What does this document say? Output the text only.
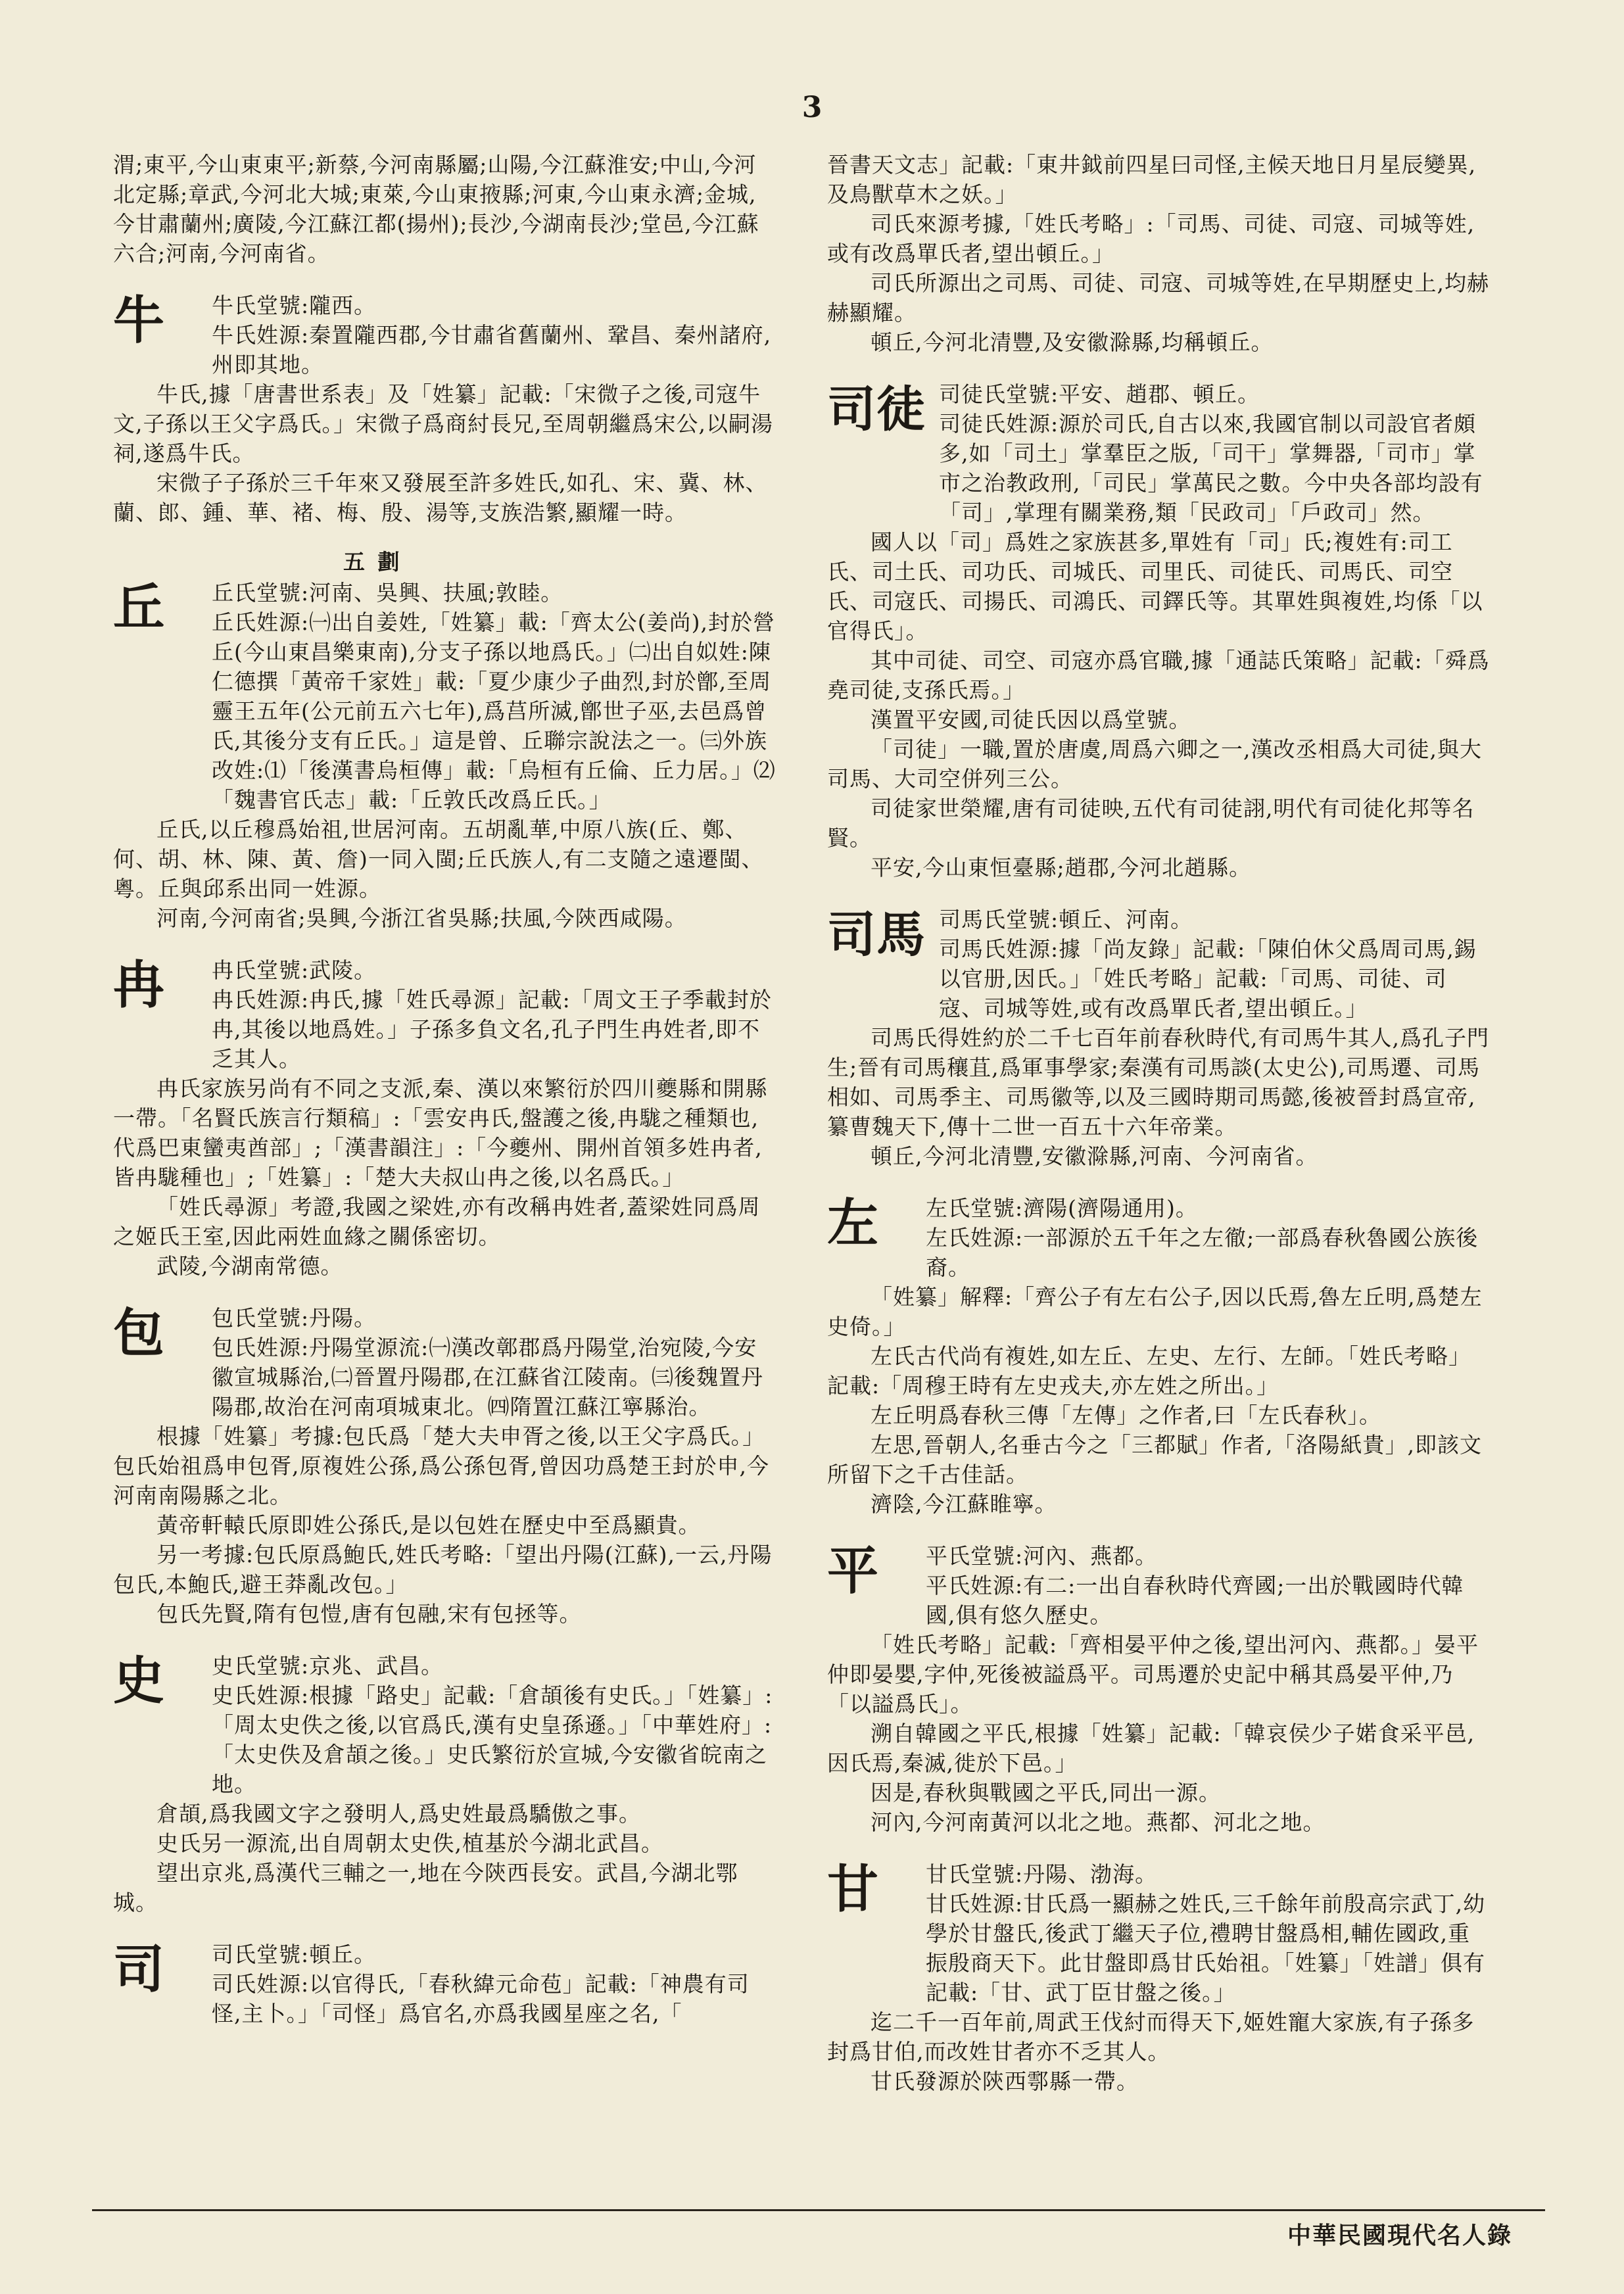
3

渭;東平,今山東東平;新蔡,今河南縣屬;山陽,今江蘇淮安;中山,今河北定縣;章武,今河北大城;東萊,今山東掖縣;河東,今山東永濟;金城,今甘肅蘭州;廣陵,今江蘇江都(揚州);長沙,今湖南長沙;堂邑,今江蘇六合;河南,今河南省。

牛	牛氏堂號:隴西。

牛氏姓源:秦置隴西郡,今甘肅省舊蘭州、鞏昌、秦州諸府,州即其地。

牛氏,據「唐書世系表」及「姓纂」記載:「宋微子之後,司寇牛文,子孫以王父字爲氏。」宋微子爲商紂長兄,至周朝繼爲宋公,以嗣湯祠,遂爲牛氏。

宋微子子孫於三千年來又發展至許多姓氏,如孔、宋、冀、林、蘭、郎、鍾、華、褚、梅、殷、湯等,支族浩繁,顯耀一時。

五 劃

丘	丘氏堂號:河南、吳興、扶風;敦睦。

丘氏姓源:㈠出自姜姓,「姓纂」載:「齊太公(姜尚),封於營丘(今山東昌樂東南),分支子孫以地爲氏。」㈡出自姒姓:陳仁德撰「黃帝千家姓」載:「夏少康少子曲烈,封於鄫,至周靈王五年(公元前五六七年),爲莒所滅,鄫世子巫,去邑爲曾氏,其後分支有丘氏。」這是曾、丘聯宗說法之一。㈢外族改姓:⑴「後漢書烏桓傳」載:「烏桓有丘倫、丘力居。」⑵「魏書官氏志」載:「丘敦氏改爲丘氏。」

丘氏,以丘穆爲始祖,世居河南。五胡亂華,中原八族(丘、鄭、何、胡、林、陳、黃、詹)一同入閩;丘氏族人,有二支隨之遠遷閩、粵。丘與邱系出同一姓源。

河南,今河南省;吳興,今浙江省吳縣;扶風,今陝西咸陽。

冉	冉氏堂號:武陵。

冉氏姓源:冉氏,據「姓氏尋源」記載:「周文王子季載封於冉,其後以地爲姓。」子孫多負文名,孔子門生冉姓者,即不乏其人。

冉氏家族另尚有不同之支派,秦、漢以來繁衍於四川夔縣和開縣一帶。「名賢氏族言行類稿」:「雲安冉氏,盤護之後,冉駹之種類也,代爲巴東蠻夷酋部」;「漢書韻注」:「今夔州、開州首領多姓冉者,皆冉駹種也」;「姓纂」:「楚大夫叔山冉之後,以名爲氏。」

「姓氏尋源」考證,我國之梁姓,亦有改稱冉姓者,蓋梁姓同爲周之姬氏王室,因此兩姓血緣之關係密切。

武陵,今湖南常德。

包	包氏堂號:丹陽。

包氏姓源:丹陽堂源流:㈠漢改鄣郡爲丹陽堂,治宛陵,今安徽宣城縣治,㈡晉置丹陽郡,在江蘇省江陵南。㈢後魏置丹陽郡,故治在河南項城東北。㈣隋置江蘇江寧縣治。

根據「姓纂」考據:包氏爲「楚大夫申胥之後,以王父字爲氏。」包氏始祖爲申包胥,原複姓公孫,爲公孫包胥,曾因功爲楚王封於申,今河南南陽縣之北。

黃帝軒轅氏原即姓公孫氏,是以包姓在歷史中至爲顯貴。

另一考據:包氏原爲鮑氏,姓氏考略:「望出丹陽(江蘇),一云,丹陽包氏,本鮑氏,避王莽亂改包。」

包氏先賢,隋有包愷,唐有包融,宋有包拯等。

史	史氏堂號:京兆、武昌。

史氏姓源:根據「路史」記載:「倉頡後有史氏。」「姓纂」:「周太史佚之後,以官爲氏,漢有史皇孫遜。」「中華姓府」:「太史佚及倉頡之後。」史氏繁衍於宣城,今安徽省皖南之地。

倉頡,爲我國文字之發明人,爲史姓最爲驕傲之事。

史氏另一源流,出自周朝太史佚,植基於今湖北武昌。

望出京兆,爲漢代三輔之一,地在今陝西長安。武昌,今湖北鄂城。

司	司氏堂號:頓丘。

司氏姓源:以官得氏,「春秋緯元命苞」記載:「神農有司怪,主卜。」「司怪」爲官名,亦爲我國星座之名,「

晉書天文志」記載:「東井鉞前四星曰司怪,主候天地日月星辰變異,及鳥獸草木之妖。」

司氏來源考據,「姓氏考略」:「司馬、司徒、司寇、司城等姓,或有改爲單氏者,望出頓丘。」

司氏所源出之司馬、司徒、司寇、司城等姓,在早期歷史上,均赫赫顯耀。

頓丘,今河北清豐,及安徽滁縣,均稱頓丘。

司徒 司徒氏堂號:平安、趙郡、頓丘。

司徒氏姓源:源於司氏,自古以來,我國官制以司設官者頗多,如「司土」掌羣臣之版,「司干」掌舞器,「司市」掌市之治教政刑,「司民」掌萬民之數。今中央各部均設有「司」,掌理有關業務,類「民政司」「戶政司」然。

國人以「司」爲姓之家族甚多,單姓有「司」氏;複姓有:司工氏、司土氏、司功氏、司城氏、司里氏、司徒氏、司馬氏、司空氏、司寇氏、司揚氏、司鴻氏、司鐸氏等。其單姓與複姓,均係「以官得氏」。

其中司徒、司空、司寇亦爲官職,據「通誌氏策略」記載:「舜爲堯司徒,支孫氏焉。」

漢置平安國,司徒氏因以爲堂號。

「司徒」一職,置於唐虞,周爲六卿之一,漢改丞相爲大司徒,與大司馬、大司空併列三公。

司徒家世榮耀,唐有司徒映,五代有司徒詡,明代有司徒化邦等名賢。

平安,今山東恒臺縣;趙郡,今河北趙縣。

司馬 司馬氏堂號:頓丘、河南。

司馬氏姓源:據「尚友錄」記載:「陳伯休父爲周司馬,錫以官册,因氏。」「姓氏考略」記載:「司馬、司徒、司寇、司城等姓,或有改爲單氏者,望出頓丘。」

司馬氏得姓約於二千七百年前春秋時代,有司馬牛其人,爲孔子門生;晉有司馬穰苴,爲軍事學家;秦漢有司馬談(太史公),司馬遷、司馬相如、司馬季主、司馬徽等,以及三國時期司馬懿,後被晉封爲宣帝,纂曹魏天下,傳十二世一百五十六年帝業。

頓丘,今河北清豐,安徽滁縣,河南、今河南省。

左	左氏堂號:濟陽(濟陽通用)。

左氏姓源:一部源於五千年之左徹;一部爲春秋魯國公族後裔。

「姓纂」解釋:「齊公子有左右公子,因以氏焉,魯左丘明,爲楚左史倚。」

左氏古代尚有複姓,如左丘、左史、左行、左師。「姓氏考略」記載:「周穆王時有左史戎夫,亦左姓之所出。」

左丘明爲春秋三傳「左傳」之作者,曰「左氏春秋」。

左思,晉朝人,名垂古今之「三都賦」作者,「洛陽紙貴」,即該文所留下之千古佳話。

濟陰,今江蘇睢寧。

平	平氏堂號:河內、燕都。

平氏姓源:有二:一出自春秋時代齊國;一出於戰國時代韓國,俱有悠久歷史。

「姓氏考略」記載:「齊相晏平仲之後,望出河內、燕都。」晏平仲即晏嬰,字仲,死後被謚爲平。司馬遷於史記中稱其爲晏平仲,乃「以謚爲氏」。

溯自韓國之平氏,根據「姓纂」記載:「韓哀侯少子婼食采平邑,因氏焉,秦滅,徙於下邑。」

因是,春秋與戰國之平氏,同出一源。

河內,今河南黃河以北之地。燕都、河北之地。

甘	甘氏堂號:丹陽、渤海。

甘氏姓源:甘氏爲一顯赫之姓氏,三千餘年前殷高宗武丁,幼學於甘盤氏,後武丁繼天子位,禮聘甘盤爲相,輔佐國政,重振殷商天下。此甘盤即爲甘氏始祖。「姓纂」「姓譜」俱有記載:「甘、武丁臣甘盤之後。」

迄二千一百年前,周武王伐紂而得天下,姬姓寵大家族,有子孫多封爲甘伯,而改姓甘者亦不乏其人。

甘氏發源於陝西鄠縣一帶。

中華民國現代名人錄
